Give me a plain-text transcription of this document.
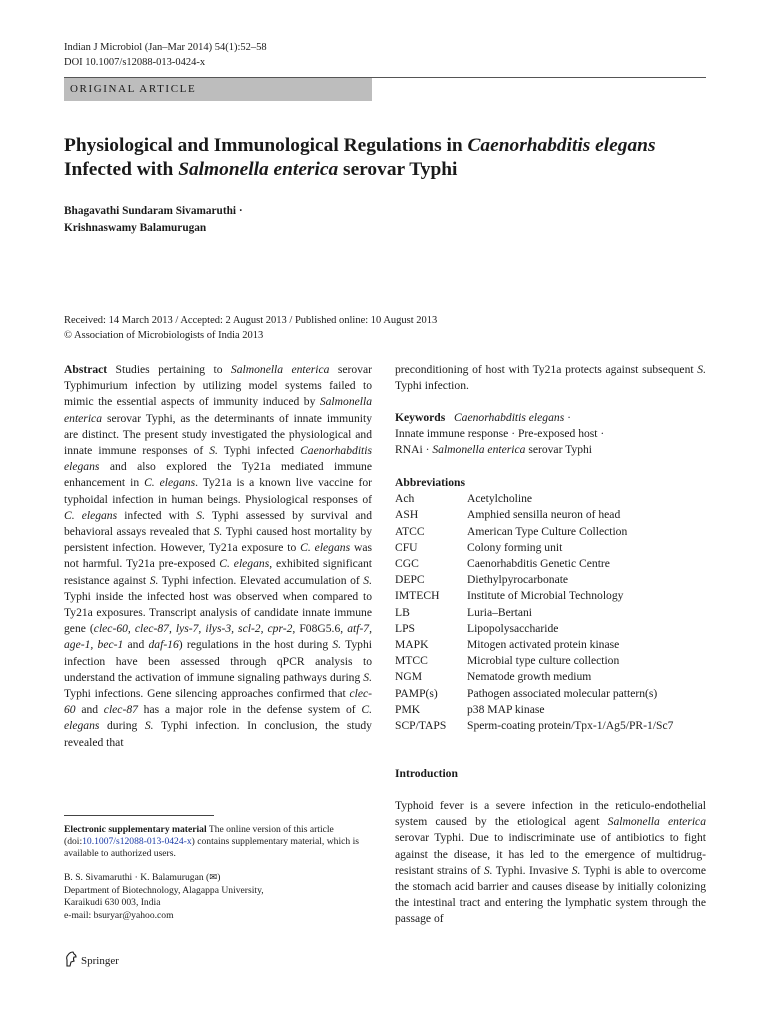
Indian J Microbiol (Jan–Mar 2014) 54(1):52–58
DOI 10.1007/s12088-013-0424-x
ORIGINAL ARTICLE
Physiological and Immunological Regulations in Caenorhabditis elegans Infected with Salmonella enterica serovar Typhi
Bhagavathi Sundaram Sivamaruthi ·
Krishnaswamy Balamurugan
Received: 14 March 2013 / Accepted: 2 August 2013 / Published online: 10 August 2013
© Association of Microbiologists of India 2013
Abstract Studies pertaining to Salmonella enterica serovar Typhimurium infection by utilizing model systems failed to mimic the essential aspects of immunity induced by Salmonella enterica serovar Typhi, as the determinants of innate immunity are distinct. The present study investigated the physiological and innate immune responses of S. Typhi infected Caenorhabditis elegans and also explored the Ty21a mediated immune enhancement in C. elegans. Ty21a is a known live vaccine for typhoidal infection in human beings. Physiological responses of C. elegans infected with S. Typhi assessed by survival and behavioral assays revealed that S. Typhi caused host mortality by persistent infection. However, Ty21a exposure to C. elegans was not harmful. Ty21a pre-exposed C. elegans, exhibited significant resistance against S. Typhi infection. Elevated accumulation of S. Typhi inside the infected host was observed when compared to Ty21a exposures. Transcript analysis of candidate innate immune gene (clec-60, clec-87, lys-7, ilys-3, scl-2, cpr-2, F08G5.6, atf-7, age-1, bec-1 and daf-16) regulations in the host during S. Typhi infection have been assessed through qPCR analysis to understand the activation of immune signaling pathways during S. Typhi infections. Gene silencing approaches confirmed that clec-60 and clec-87 has a major role in the defense system of C. elegans during S. Typhi infection. In conclusion, the study revealed that
preconditioning of host with Ty21a protects against subsequent S. Typhi infection.
Keywords Caenorhabditis elegans ·
Innate immune response · Pre-exposed host ·
RNAi · Salmonella enterica serovar Typhi
Abbreviations
Ach	Acetylcholine
ASH	Amphied sensilla neuron of head
ATCC	American Type Culture Collection
CFU	Colony forming unit
CGC	Caenorhabditis Genetic Centre
DEPC	Diethylpyrocarbonate
IMTECH	Institute of Microbial Technology
LB	Luria–Bertani
LPS	Lipopolysaccharide
MAPK	Mitogen activated protein kinase
MTCC	Microbial type culture collection
NGM	Nematode growth medium
PAMP(s)	Pathogen associated molecular pattern(s)
PMK	p38 MAP kinase
SCP/TAPS	Sperm-coating protein/Tpx-1/Ag5/PR-1/Sc7
Introduction
Typhoid fever is a severe infection in the reticulo-endothelial system caused by the etiological agent Salmonella enterica serovar Typhi. Due to indiscriminate use of antibiotics to fight against the disease, it has led to the emergence of multidrug-resistant strains of S. Typhi. Invasive S. Typhi is able to overcome the stomach acid barrier and causes disease by initially colonizing the intestinal tract and entering the lymphatic system through the passage of
Electronic supplementary material The online version of this article (doi:10.1007/s12088-013-0424-x) contains supplementary material, which is available to authorized users.
B. S. Sivamaruthi · K. Balamurugan (✉)
Department of Biotechnology, Alagappa University,
Karaikudi 630 003, India
e-mail: bsuryar@yahoo.com
Springer
